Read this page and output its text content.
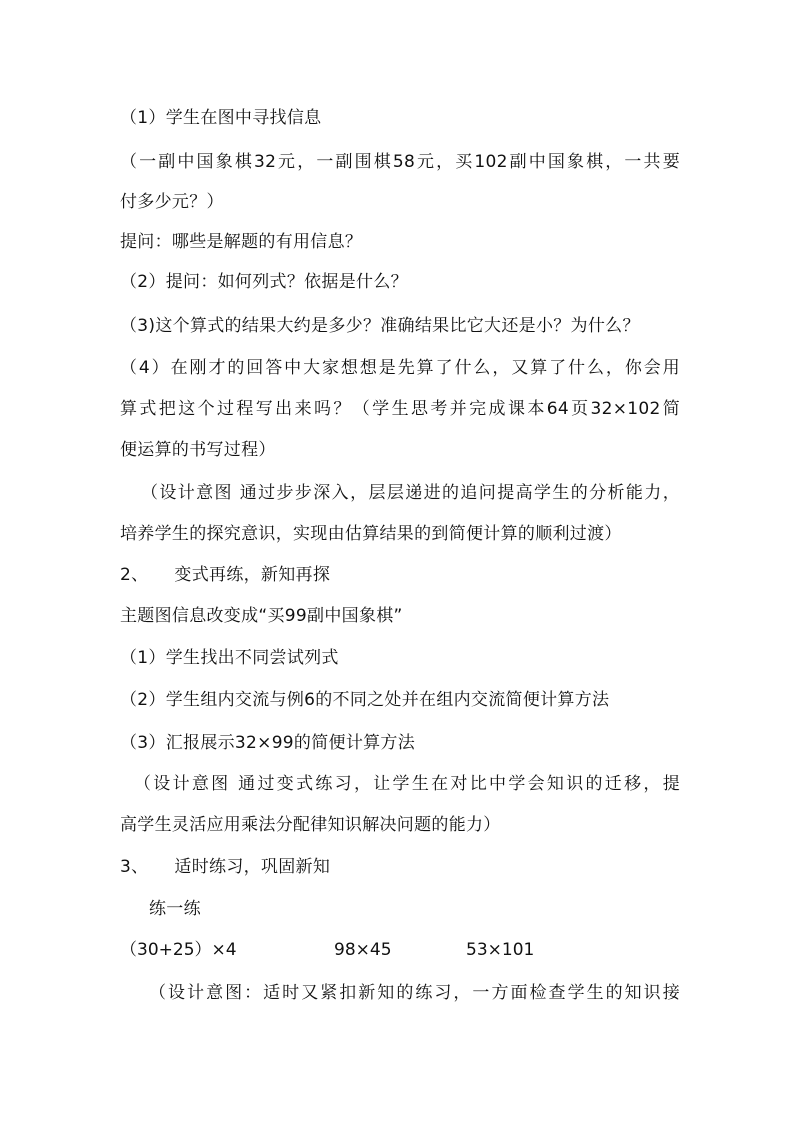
（1）学生在图中寻找信息
（一副中国象棋32元，一副围棋58元，买102副中国象棋，一共要
付多少元？）
提问：哪些是解题的有用信息？
（2）提问：如何列式？依据是什么？
（3)这个算式的结果大约是多少？准确结果比它大还是小？为什么？
（4）在刚才的回答中大家想想是先算了什么，又算了什么，你会用
算式把这个过程写出来吗？（学生思考并完成课本64页32×102简
便运算的书写过程）
（设计意图 通过步步深入，层层递进的追问提高学生的分析能力，
培养学生的探究意识，实现由估算结果的到简便计算的顺利过渡）
2、 变式再练，新知再探
主题图信息改变成“买99副中国象棋”
（1）学生找出不同尝试列式
（2）学生组内交流与例6的不同之处并在组内交流简便计算方法
（3）汇报展示32×99的简便计算方法
（设计意图 通过变式练习，让学生在对比中学会知识的迁移，提
高学生灵活应用乘法分配律知识解决问题的能力）
3、 适时练习，巩固新知
练一练
（30+25）×4	98×45	53×101
（设计意图：适时又紧扣新知的练习，一方面检查学生的知识接
